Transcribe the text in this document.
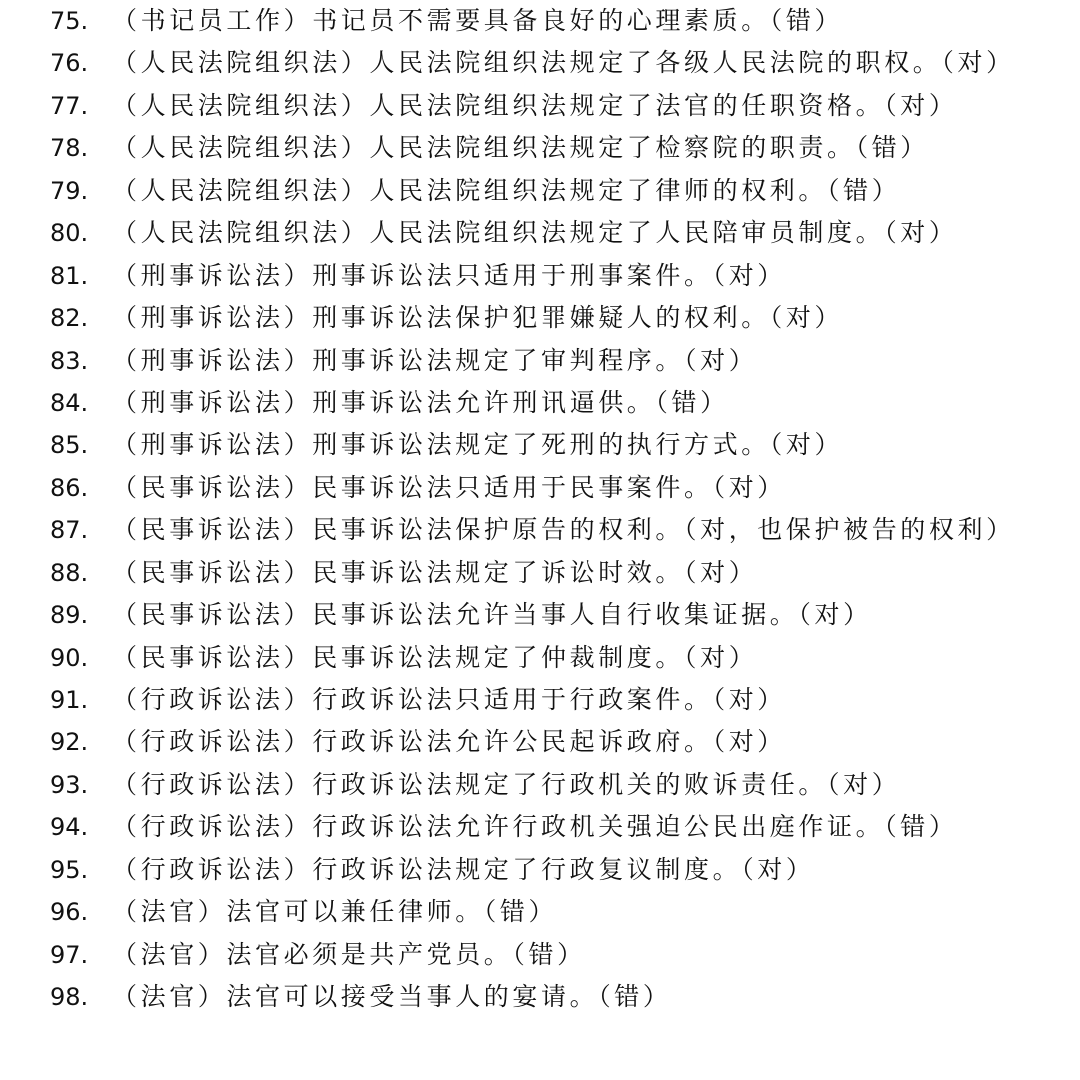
75. （书记员工作）书记员不需要具备良好的心理素质。（错）
76. （人民法院组织法）人民法院组织法规定了各级人民法院的职权。（对）
77. （人民法院组织法）人民法院组织法规定了法官的任职资格。（对）
78. （人民法院组织法）人民法院组织法规定了检察院的职责。（错）
79. （人民法院组织法）人民法院组织法规定了律师的权利。（错）
80. （人民法院组织法）人民法院组织法规定了人民陪审员制度。（对）
81. （刑事诉讼法）刑事诉讼法只适用于刑事案件。（对）
82. （刑事诉讼法）刑事诉讼法保护犯罪嫌疑人的权利。（对）
83. （刑事诉讼法）刑事诉讼法规定了审判程序。（对）
84. （刑事诉讼法）刑事诉讼法允许刑讯逼供。（错）
85. （刑事诉讼法）刑事诉讼法规定了死刑的执行方式。（对）
86. （民事诉讼法）民事诉讼法只适用于民事案件。（对）
87. （民事诉讼法）民事诉讼法保护原告的权利。（对，也保护被告的权利）
88. （民事诉讼法）民事诉讼法规定了诉讼时效。（对）
89. （民事诉讼法）民事诉讼法允许当事人自行收集证据。（对）
90. （民事诉讼法）民事诉讼法规定了仲裁制度。（对）
91. （行政诉讼法）行政诉讼法只适用于行政案件。（对）
92. （行政诉讼法）行政诉讼法允许公民起诉政府。（对）
93. （行政诉讼法）行政诉讼法规定了行政机关的败诉责任。（对）
94. （行政诉讼法）行政诉讼法允许行政机关强迫公民出庭作证。（错）
95. （行政诉讼法）行政诉讼法规定了行政复议制度。（对）
96. （法官）法官可以兼任律师。（错）
97. （法官）法官必须是共产党员。（错）
98. （法官）法官可以接受当事人的宴请。（错）
